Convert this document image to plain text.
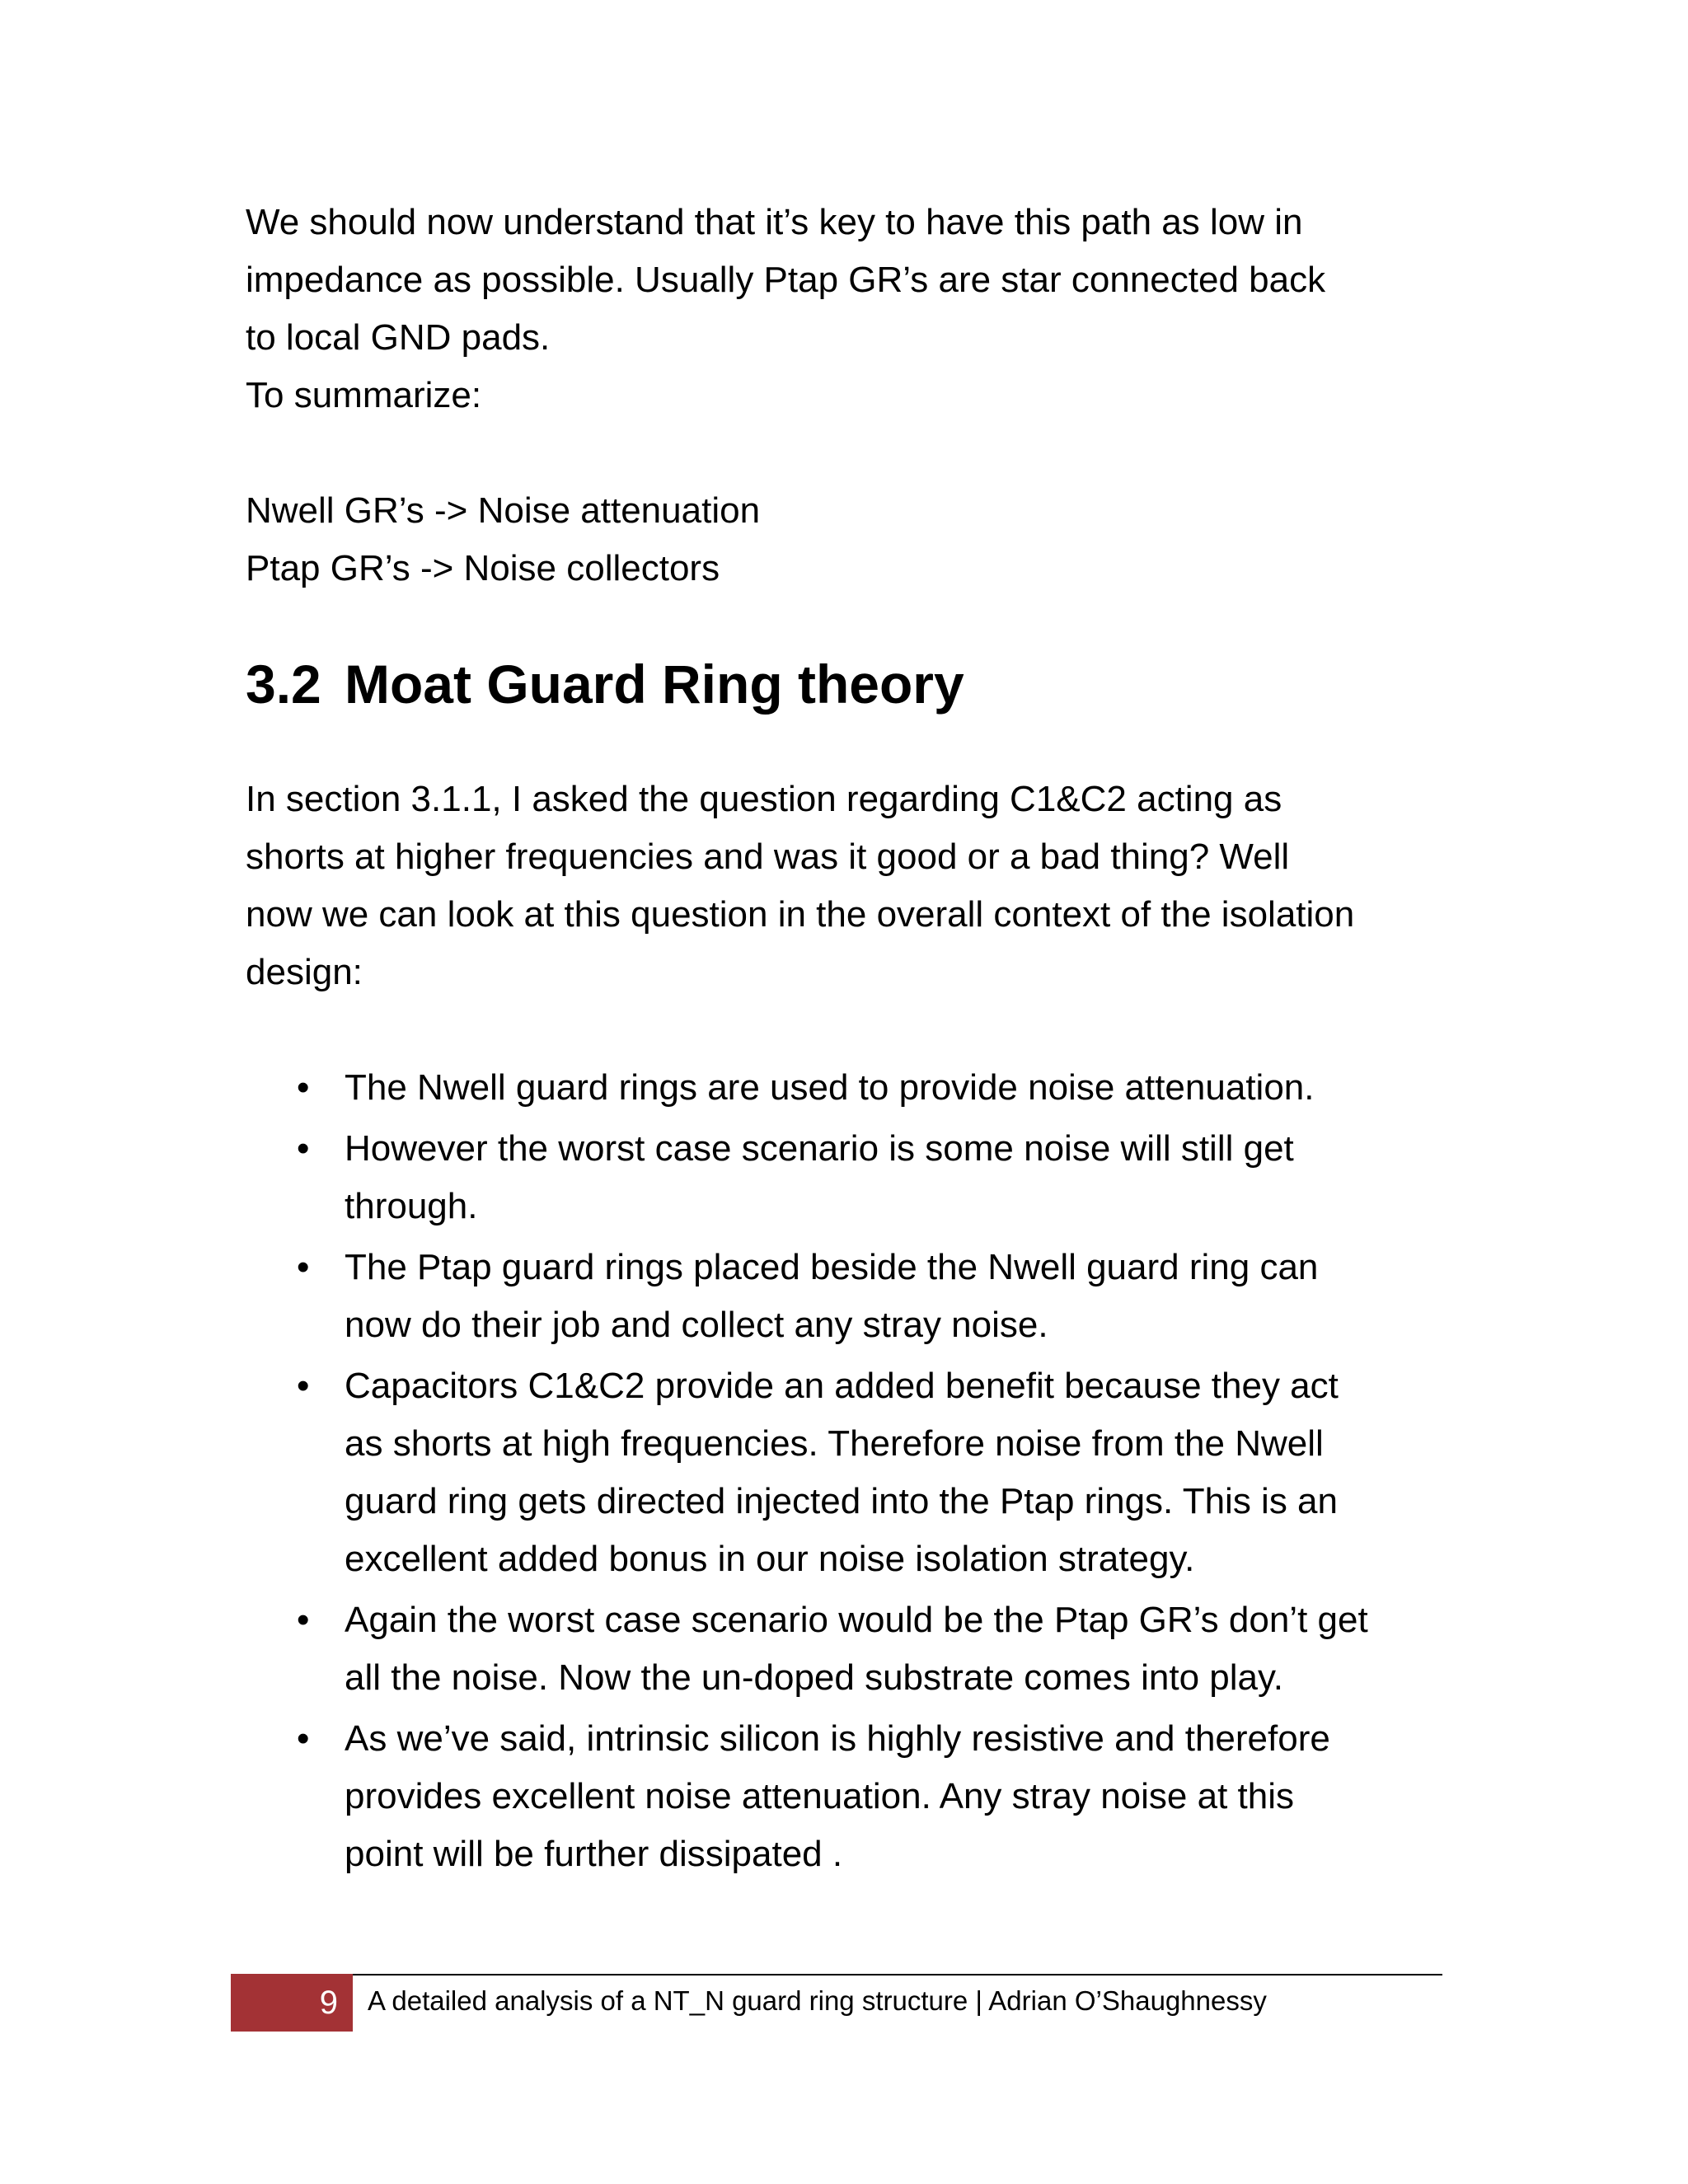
We should now understand that it’s key to have this path as low in
impedance as possible. Usually Ptap GR’s are star connected back
to local GND pads.
To summarize:

Nwell GR’s -> Noise attenuation
Ptap GR’s -> Noise collectors

3.2 Moat Guard Ring theory

In section 3.1.1, I asked the question regarding C1&C2 acting as
shorts at higher frequencies and was it good or a bad thing? Well
now we can look at this question in the overall context of the isolation
design:

• The Nwell guard rings are used to provide noise attenuation.
• However the worst case scenario is some noise will still get
through.
• The Ptap guard rings placed beside the Nwell guard ring can
now do their job and collect any stray noise.
• Capacitors C1&C2 provide an added benefit because they act
as shorts at high frequencies. Therefore noise from the Nwell
guard ring gets directed injected into the Ptap rings. This is an
excellent added bonus in our noise isolation strategy.
• Again the worst case scenario would be the Ptap GR’s don’t get
all the noise. Now the un-doped substrate comes into play.
• As we’ve said, intrinsic silicon is highly resistive and therefore
provides excellent noise attenuation. Any stray noise at this
point will be further dissipated .
9 A detailed analysis of a NT_N guard ring structure | Adrian O’Shaughnessy
